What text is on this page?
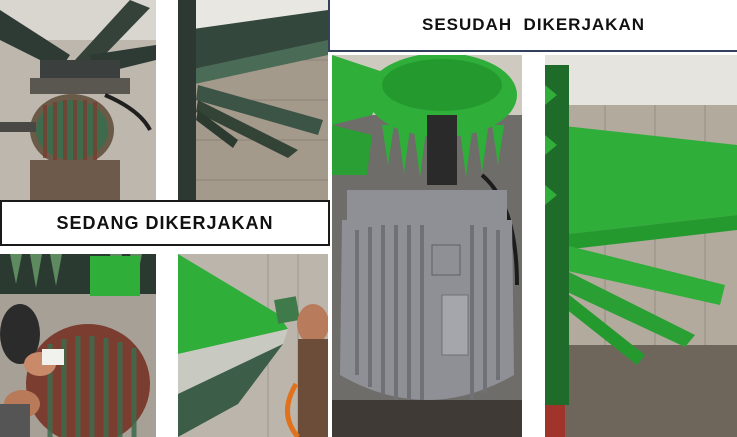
SESUDAH  DIKERJAKAN
SEDANG DIKERJAKAN
